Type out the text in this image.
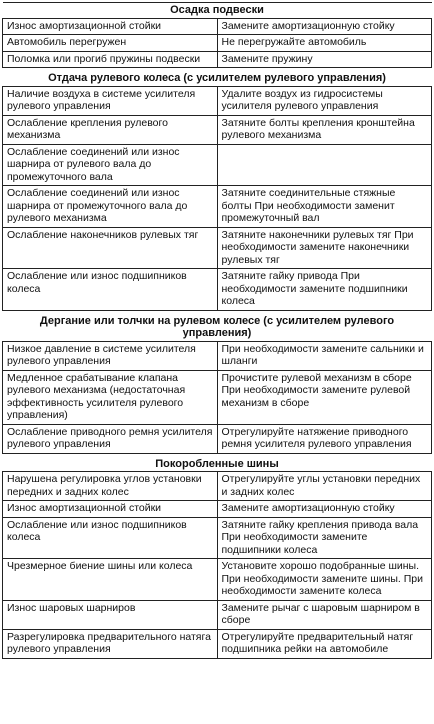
Осадка подвески	
Износ амортизационной стойки	Замените амортизационную стойку
Автомобиль перегружен	Не перегружайте автомобиль
Поломка или прогиб пружины подвески	Замените пружину

Отдача рулевого колеса (с усилителем рулевого управления)	
Наличие воздуха в системе усилителя рулевого управления	Удалите воздух из гидросистемы усилителя рулевого управления
Ослабление крепления рулевого механизма	Затяните болты крепления кронштейна рулевого механизма
Ослабление соединений или износ шарнира от рулевого вала до промежуточного вала	
Ослабление соединений или износ шарнира от промежуточного вала до рулевого механизма	Затяните соединительные стяжные болты При необходимости заменит промежуточный вал
Ослабление наконечников рулевых тяг	Затяните наконечники рулевых тяг При необходимости замените наконечники рулевых тяг
Ослабление или износ подшипников колеса	Затяните гайку привода При необходимости замените подшипники колеса

Дергание или толчки на рулевом колесе (с усилителем рулевого управления)	
Низкое давление в системе усилителя рулевого управления	При необходимости замените сальники и шланги
Медленное срабатывание клапана рулевого механизма (недостаточная эффективность усилителя рулевого управления)	Прочистите рулевой механизм в сборе При необходимости замените рулевой механизм в сборе
Ослабление приводного ремня усилителя рулевого управления	Отрегулируйте натяжение приводного ремня усилителя рулевого управления

Покоробленные шины	
Нарушена регулировка углов установки передних и задних колес	Отрегулируйте углы установки передних и задних колес
Износ амортизационной стойки	Замените амортизационную стойку
Ослабление или износ подшипников колеса	Затяните гайку крепления привода вала При необходимости замените подшипники колеса
Чрезмерное биение шины или колеса	Установите хорошо подобранные шины. При необходимости замените шины. При необходимости замените колеса
Износ шаровых шарниров	Замените рычаг с шаровым шарниром в сборе
Разрегулировка предварительного натяга рулевого управления	Отрегулируйте предварительный натяг подшипника рейки на автомобиле
